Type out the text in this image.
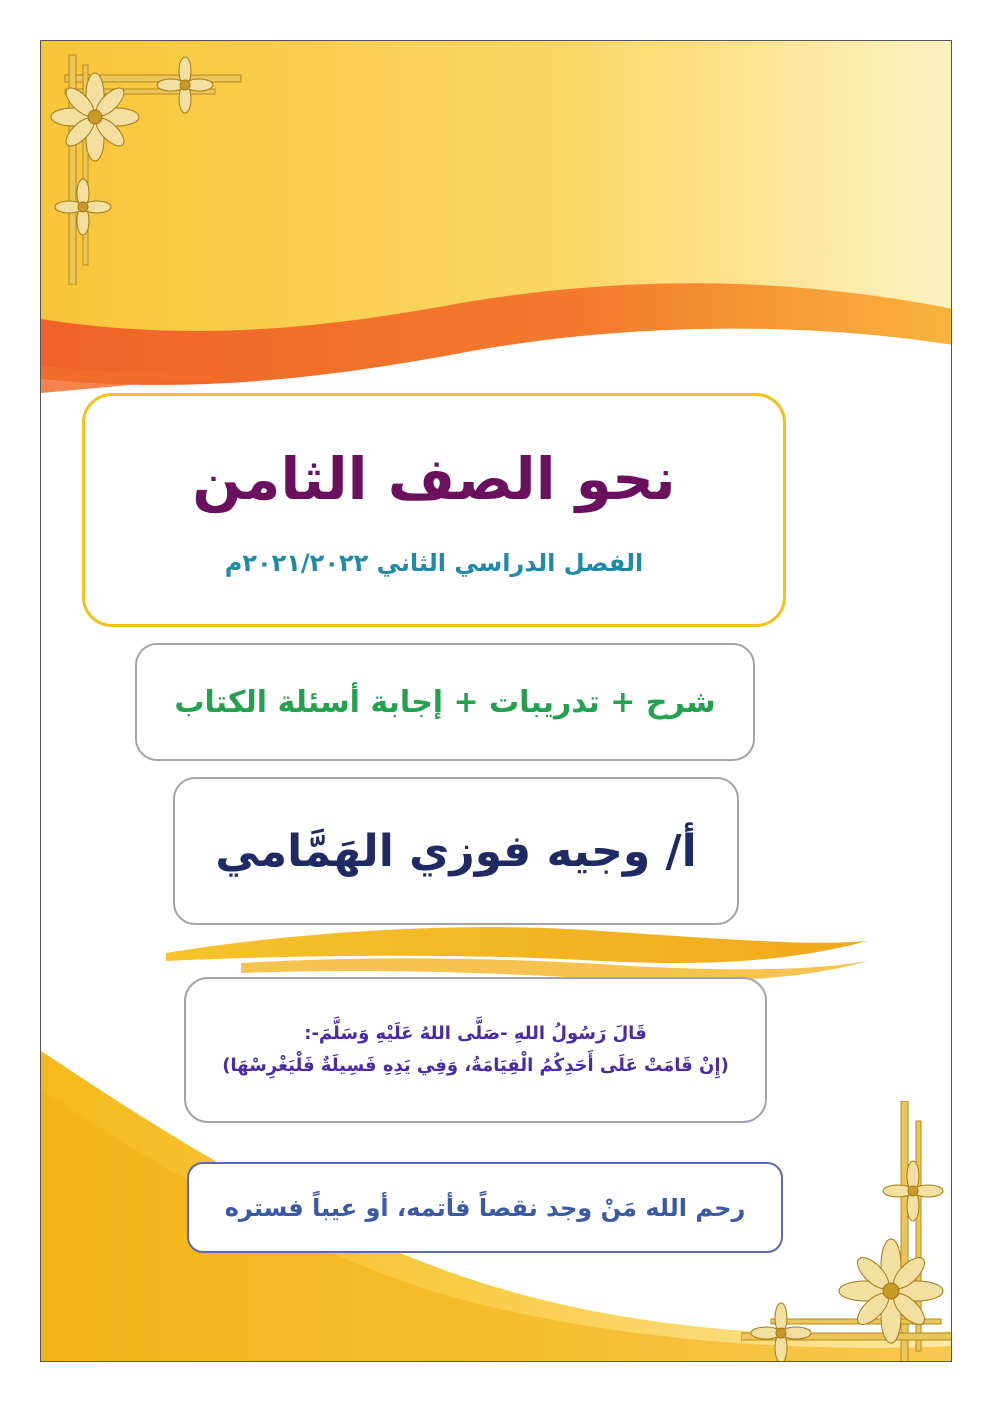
نحو الصف الثامن
الفصل الدراسي الثاني ٢٠٢١/٢٠٢٢م
شرح + تدريبات + إجابة أسئلة الكتاب
أ/ وجيه فوزي الهَمَّامي
قَالَ رَسُولُ اللهِ -صَلَّى اللهُ عَلَيْهِ وَسَلَّمَ-:
(إِنْ قَامَتْ عَلَى أَحَدِكُمُ الْقِيَامَةُ، وَفِي يَدِهِ فَسِيلَةٌ فَلْيَغْرِسْهَا)
رحم الله مَنْ وجد نقصاً فأتمه، أو عيباً فستره
